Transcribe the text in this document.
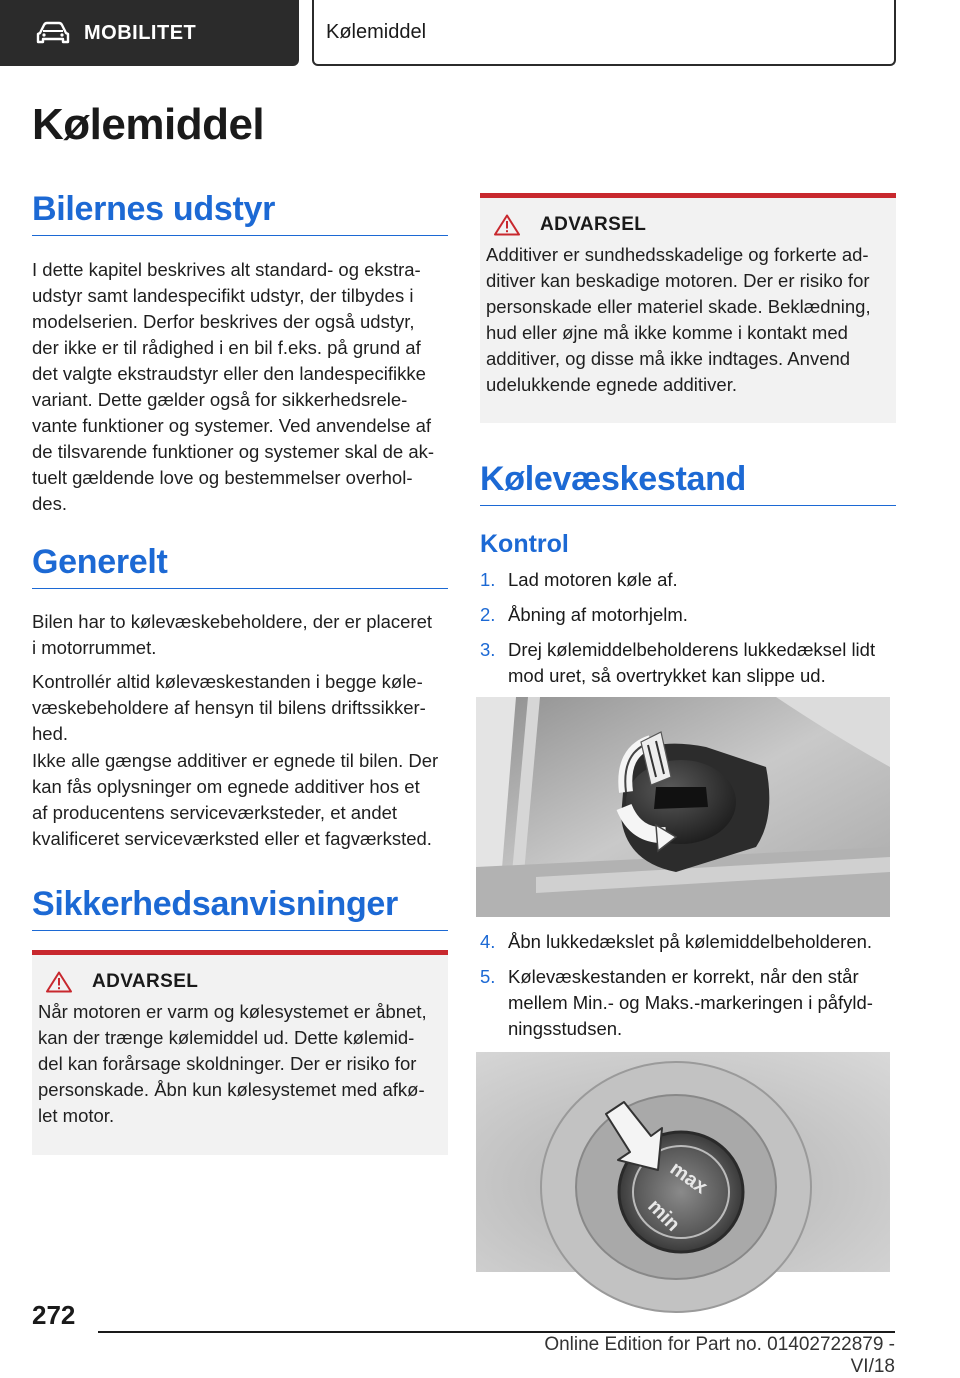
MOBILITET	Kølemiddel
Kølemiddel
Bilernes udstyr
I dette kapitel beskrives alt standard- og ekstra-
udstyr samt landespecifikt udstyr, der tilbydes i
modelserien. Derfor beskrives der også udstyr,
der ikke er til rådighed i en bil f.eks. på grund af
det valgte ekstraudstyr eller den landespecifikke
variant. Dette gælder også for sikkerhedsrele-
vante funktioner og systemer. Ved anvendelse af
de tilsvarende funktioner og systemer skal de ak-
tuelt gældende love og bestemmelser overhol-
des.
Generelt
Bilen har to kølevæskebeholdere, der er placeret
i motorrummet.
Kontrollér altid kølevæskestanden i begge køle-
væskebeholdere af hensyn til bilens driftssikker-
hed.
Ikke alle gængse additiver er egnede til bilen. Der
kan fås oplysninger om egnede additiver hos et
af producentens serviceværksteder, et andet
kvalificeret serviceværksted eller et fagværksted.
Sikkerhedsanvisninger
ADVARSEL
Når motoren er varm og kølesystemet er åbnet,
kan der trænge kølemiddel ud. Dette kølemid-
del kan forårsage skoldninger. Der er risiko for
personskade. Åbn kun kølesystemet med afkø-
let motor.
ADVARSEL
Additiver er sundhedsskadelige og forkerte ad-
ditiver kan beskadige motoren. Der er risiko for
personskade eller materiel skade. Beklædning,
hud eller øjne må ikke komme i kontakt med
additiver, og disse må ikke indtages. Anvend
udelukkende egnede additiver.
Kølevæskestand
Kontrol
1. Lad motoren køle af.
2. Åbning af motorhjelm.
3. Drej kølemiddelbeholderens lukkedæksel lidt
mod uret, så overtrykket kan slippe ud.
4. Åbn lukkedækslet på kølemiddelbeholderen.
5. Kølevæskestanden er korrekt, når den står
mellem Min.- og Maks.-markeringen i påfyld-
ningsstudsen.
max
min
272
Online Edition for Part no. 01402722879 - VI/18
